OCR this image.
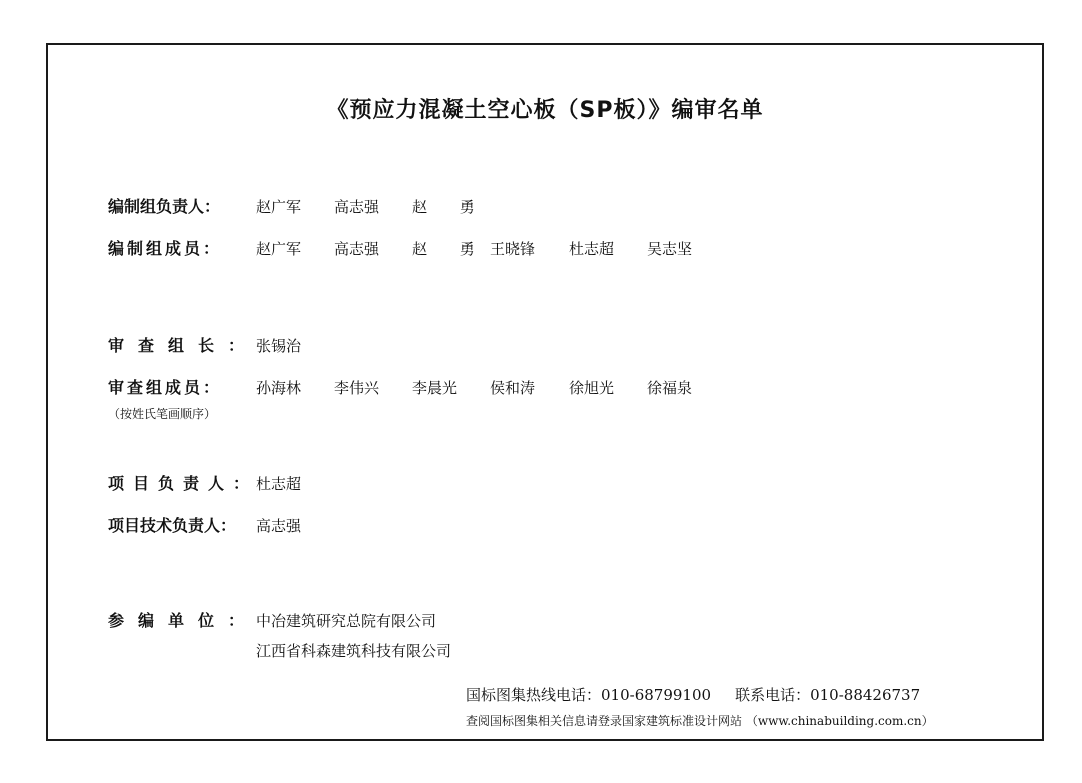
《预应力混凝土空心板（SP板）》编审名单
编制组负责人：	赵广军 高志强 赵 勇
编制组成员：	赵广军 高志强 赵 勇 王晓锋 杜志超 吴志坚
审查组长：
张锡治
审查组成员：	孙海林 李伟兴 李晨光 侯和涛 徐旭光 徐福泉
（按姓氏笔画顺序）
项目负责人：
杜志超
项目技术负责人：	高志强
参编单位：
中冶建筑研究总院有限公司
江西省科森建筑科技有限公司
国标图集热线电话：010-68799100 联系电话：010-88426737
查阅国标图集相关信息请登录国家建筑标准设计网站 （www.chinabuilding.com.cn）
